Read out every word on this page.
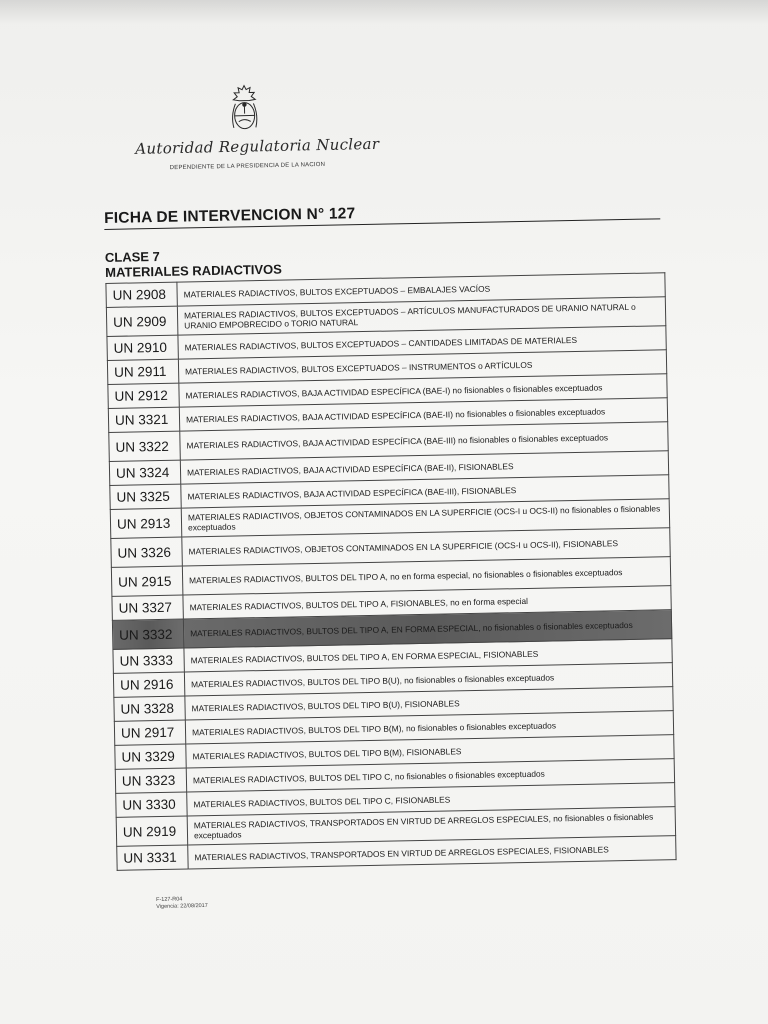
Autoridad Regulatoria Nuclear
DEPENDIENTE DE LA PRESIDENCIA DE LA NACION
FICHA DE INTERVENCION N° 127
CLASE 7
MATERIALES RADIACTIVOS
UN 2908	MATERIALES RADIACTIVOS, BULTOS EXCEPTUADOS – EMBALAJES VACÍOS
UN 2909	MATERIALES RADIACTIVOS, BULTOS EXCEPTUADOS – ARTÍCULOS MANUFACTURADOS DE URANIO NATURAL o URANIO EMPOBRECIDO o TORIO NATURAL
UN 2910	MATERIALES RADIACTIVOS, BULTOS EXCEPTUADOS – CANTIDADES LIMITADAS DE MATERIALES
UN 2911	MATERIALES RADIACTIVOS, BULTOS EXCEPTUADOS – INSTRUMENTOS o ARTÍCULOS
UN 2912	MATERIALES RADIACTIVOS, BAJA ACTIVIDAD ESPECÍFICA (BAE-I) no fisionables o fisionables exceptuados
UN 3321	MATERIALES RADIACTIVOS, BAJA ACTIVIDAD ESPECÍFICA (BAE-II) no fisionables o fisionables exceptuados
UN 3322	MATERIALES RADIACTIVOS, BAJA ACTIVIDAD ESPECÍFICA (BAE-III) no fisionables o fisionables exceptuados
UN 3324	MATERIALES RADIACTIVOS, BAJA ACTIVIDAD ESPECÍFICA (BAE-II), FISIONABLES
UN 3325	MATERIALES RADIACTIVOS, BAJA ACTIVIDAD ESPECÍFICA (BAE-III), FISIONABLES
UN 2913	MATERIALES RADIACTIVOS, OBJETOS CONTAMINADOS EN LA SUPERFICIE (OCS-I u OCS-II) no fisionables o fisionables exceptuados
UN 3326	MATERIALES RADIACTIVOS, OBJETOS CONTAMINADOS EN LA SUPERFICIE (OCS-I u OCS-II), FISIONABLES
UN 2915	MATERIALES RADIACTIVOS, BULTOS DEL TIPO A, no en forma especial, no fisionables o fisionables exceptuados
UN 3327	MATERIALES RADIACTIVOS, BULTOS DEL TIPO A, FISIONABLES, no en forma especial
UN 3332	MATERIALES RADIACTIVOS, BULTOS DEL TIPO A, EN FORMA ESPECIAL, no fisionables o fisionables exceptuados
UN 3333	MATERIALES RADIACTIVOS, BULTOS DEL TIPO A, EN FORMA ESPECIAL, FISIONABLES
UN 2916	MATERIALES RADIACTIVOS, BULTOS DEL TIPO B(U), no fisionables o fisionables exceptuados
UN 3328	MATERIALES RADIACTIVOS, BULTOS DEL TIPO B(U), FISIONABLES
UN 2917	MATERIALES RADIACTIVOS, BULTOS DEL TIPO B(M), no fisionables o fisionables exceptuados
UN 3329	MATERIALES RADIACTIVOS, BULTOS DEL TIPO B(M), FISIONABLES
UN 3323	MATERIALES RADIACTIVOS, BULTOS DEL TIPO C, no fisionables o fisionables exceptuados
UN 3330	MATERIALES RADIACTIVOS, BULTOS DEL TIPO C, FISIONABLES
UN 2919	MATERIALES RADIACTIVOS, TRANSPORTADOS EN VIRTUD DE ARREGLOS ESPECIALES, no fisionables o fisionables exceptuados
UN 3331	MATERIALES RADIACTIVOS, TRANSPORTADOS EN VIRTUD DE ARREGLOS ESPECIALES, FISIONABLES
F-127-R04
Vigencia: 22/08/2017
